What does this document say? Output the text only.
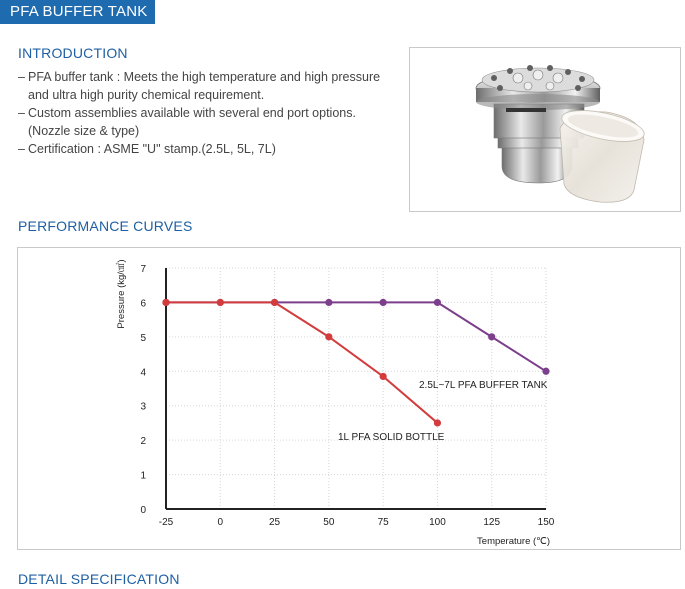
PFA BUFFER TANK
INTRODUCTION
– PFA buffer tank : Meets the high temperature and high pressure and ultra high purity chemical requirement.
– Custom assemblies available with several end port options. (Nozzle size & type)
– Certification : ASME "U" stamp.(2.5L, 5L, 7L)
PERFORMANCE CURVES
0
1
2
3
4
5
6
7
-25	0	25	50	75	100	125	150
Pressure (kg/㎠)
Temperature (℃)
2.5L~7L PFA BUFFER TANK
1L PFA SOLID BOTTLE
DETAIL SPECIFICATION
